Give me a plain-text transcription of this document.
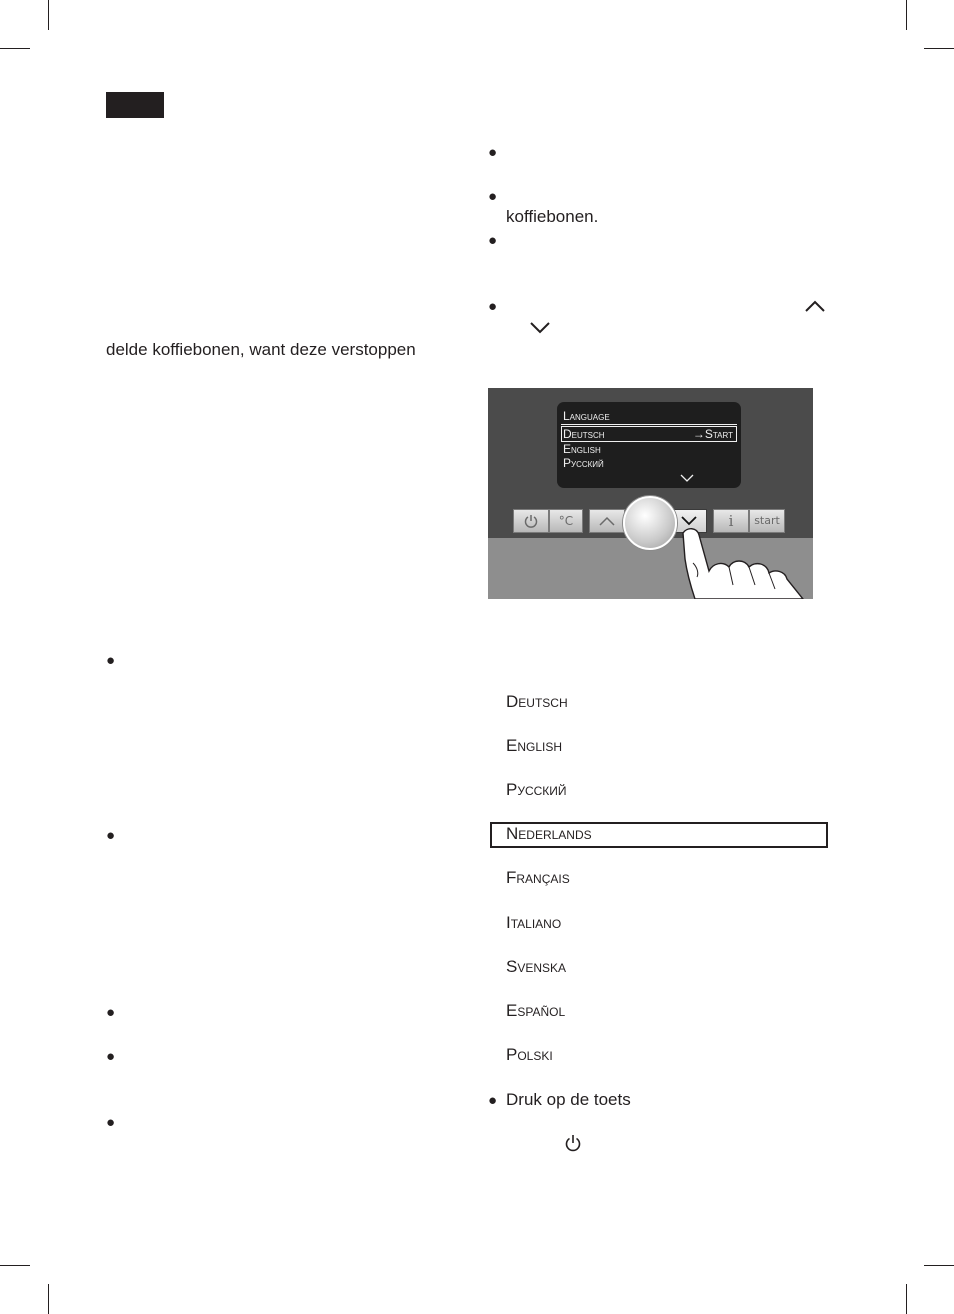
delde koffiebonen, want deze verstoppen
●
●
●
●
●
●
●
koffiebonen.
●
●
Language
Deutsch	→Start
English
Русский
°C	i	start
Deutsch
English
Русский
Nederlands
Français
Italiano
Svenska
Español
Polski
● Druk op de toets
